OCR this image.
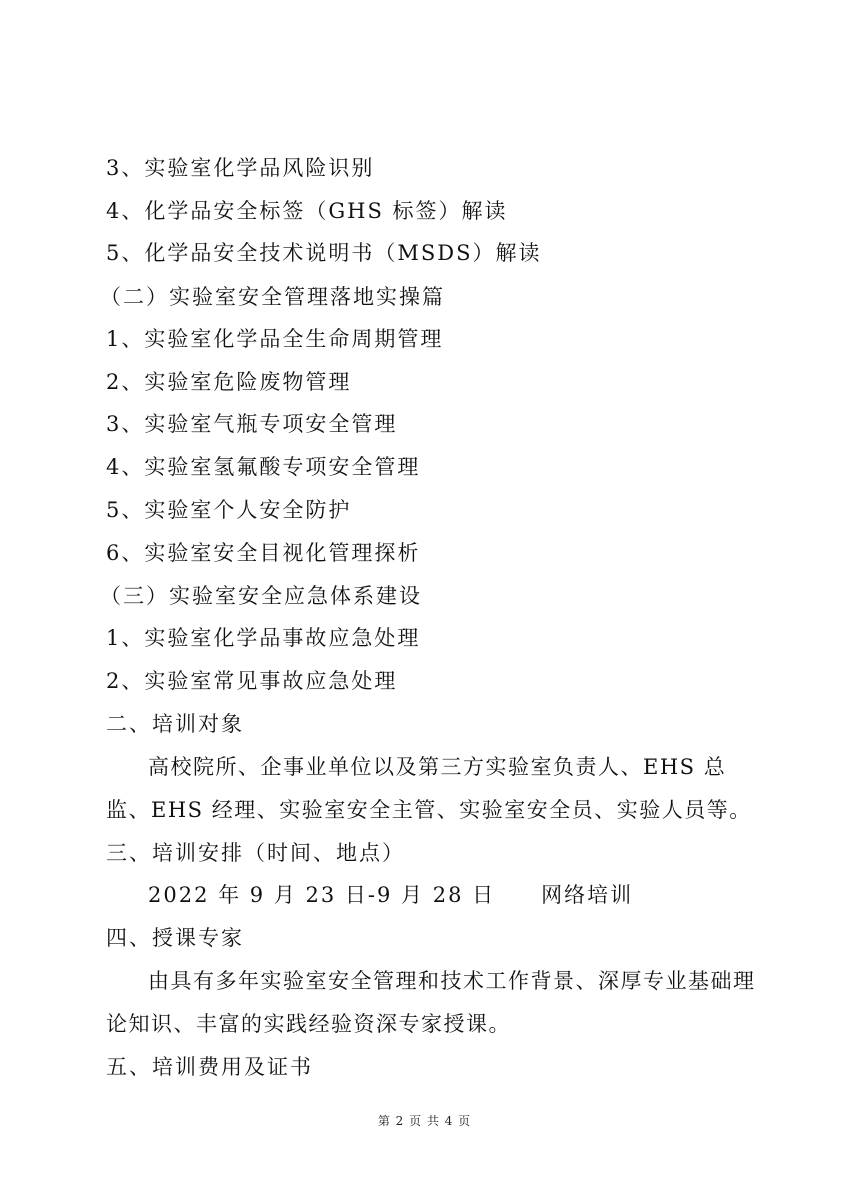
3、实验室化学品风险识别
4、化学品安全标签（GHS 标签）解读
5、化学品安全技术说明书（MSDS）解读
（二）实验室安全管理落地实操篇
1、实验室化学品全生命周期管理
2、实验室危险废物管理
3、实验室气瓶专项安全管理
4、实验室氢氟酸专项安全管理
5、实验室个人安全防护
6、实验室安全目视化管理探析
（三）实验室安全应急体系建设
1、实验室化学品事故应急处理
2、实验室常见事故应急处理
二、培训对象
高校院所、企事业单位以及第三方实验室负责人、EHS 总监、EHS 经理、实验室安全主管、实验室安全员、实验人员等。
三、培训安排（时间、地点）
2022 年 9 月 23 日-9 月 28 日　　网络培训
四、授课专家
由具有多年实验室安全管理和技术工作背景、深厚专业基础理论知识、丰富的实践经验资深专家授课。
五、培训费用及证书
第 2 页 共 4 页
